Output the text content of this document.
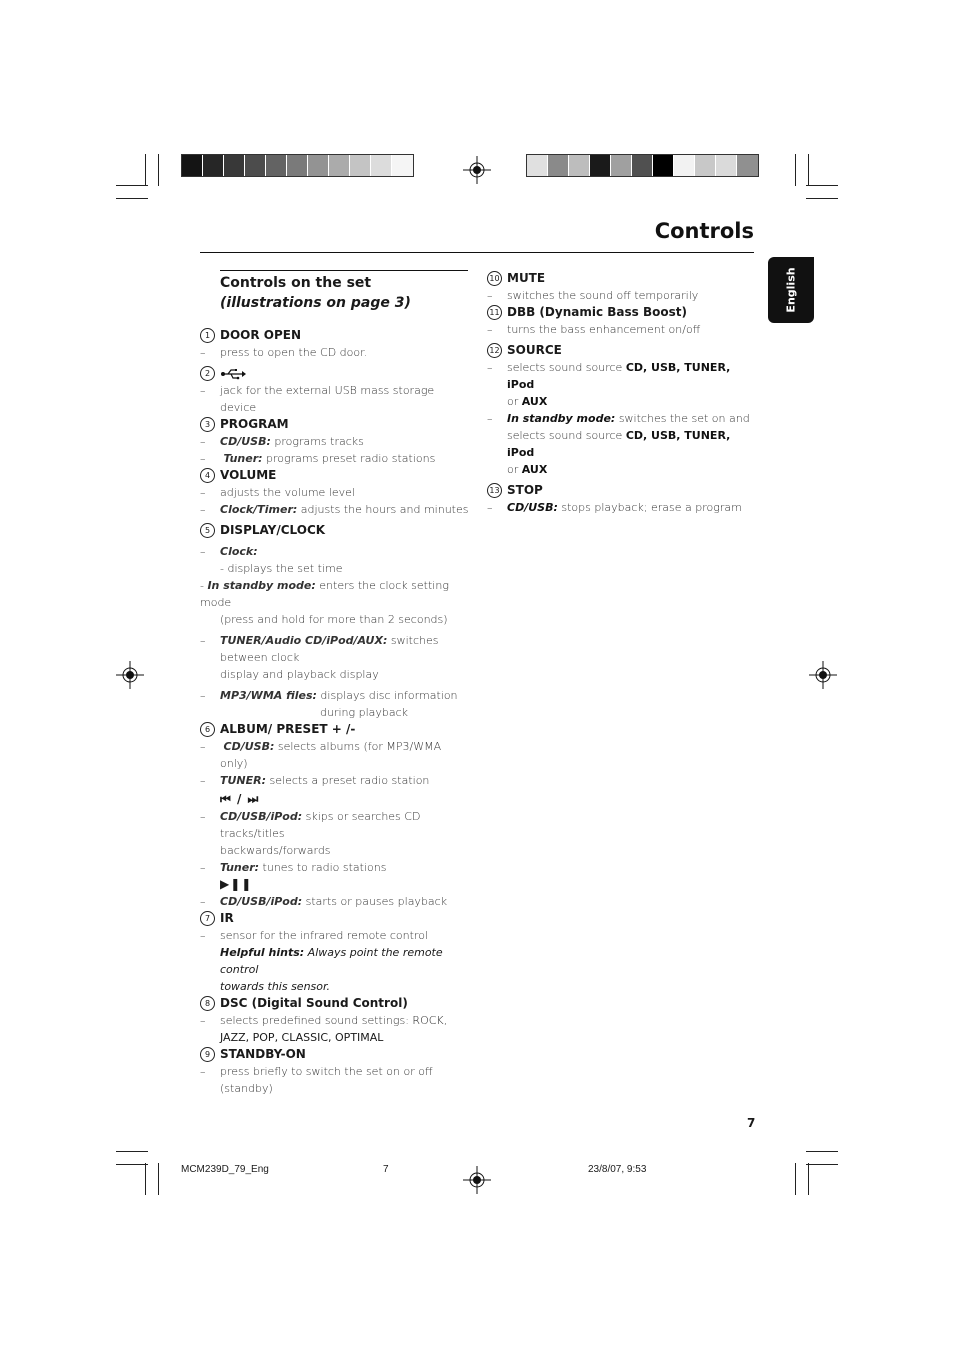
Controls
English
Controls on the set (illustrations on page 3)
1 DOOR OPEN
– press to open the CD door.
2
– jack for the external USB mass storage device
3 PROGRAM
– CD/USB: programs tracks
– Tuner: programs preset radio stations
4 VOLUME
– adjusts the volume level
– Clock/Timer: adjusts the hours and minutes
5 DISPLAY/CLOCK
– Clock:
- displays the set time
- In standby mode: enters the clock setting mode
(press and hold for more than 2 seconds)
– TUNER/Audio CD/iPod/AUX: switches
between clock
display and playback display
– MP3/WMA files: displays disc information
during playback
6 ALBUM/ PRESET + /-
– CD/USB: selects albums (for MP3/WMA only)
– TUNER: selects a preset radio station
⏮ / ⏭
– CD/USB/iPod: skips or searches CD tracks/titles
backwards/forwards
– Tuner: tunes to radio stations
▶❚❚
– CD/USB/iPod: starts or pauses playback
7 IR
– sensor for the infrared remote control
Helpful hints: Always point the remote control
towards this sensor.
8 DSC (Digital Sound Control)
– selects predefined sound settings: ROCK,
JAZZ, POP, CLASSIC, OPTIMAL
9 STANDBY-ON
– press briefly to switch the set on or off (standby)
10 MUTE
– switches the sound off temporarily
11 DBB (Dynamic Bass Boost)
– turns the bass enhancement on/off
12 SOURCE
– selects sound source CD, USB, TUNER, iPod
or AUX
– In standby mode: switches the set on and
selects sound source CD, USB, TUNER, iPod
or AUX
13 STOP
– CD/USB: stops playback; erase a program
7
MCM239D_79_Eng	7	23/8/07, 9:53
